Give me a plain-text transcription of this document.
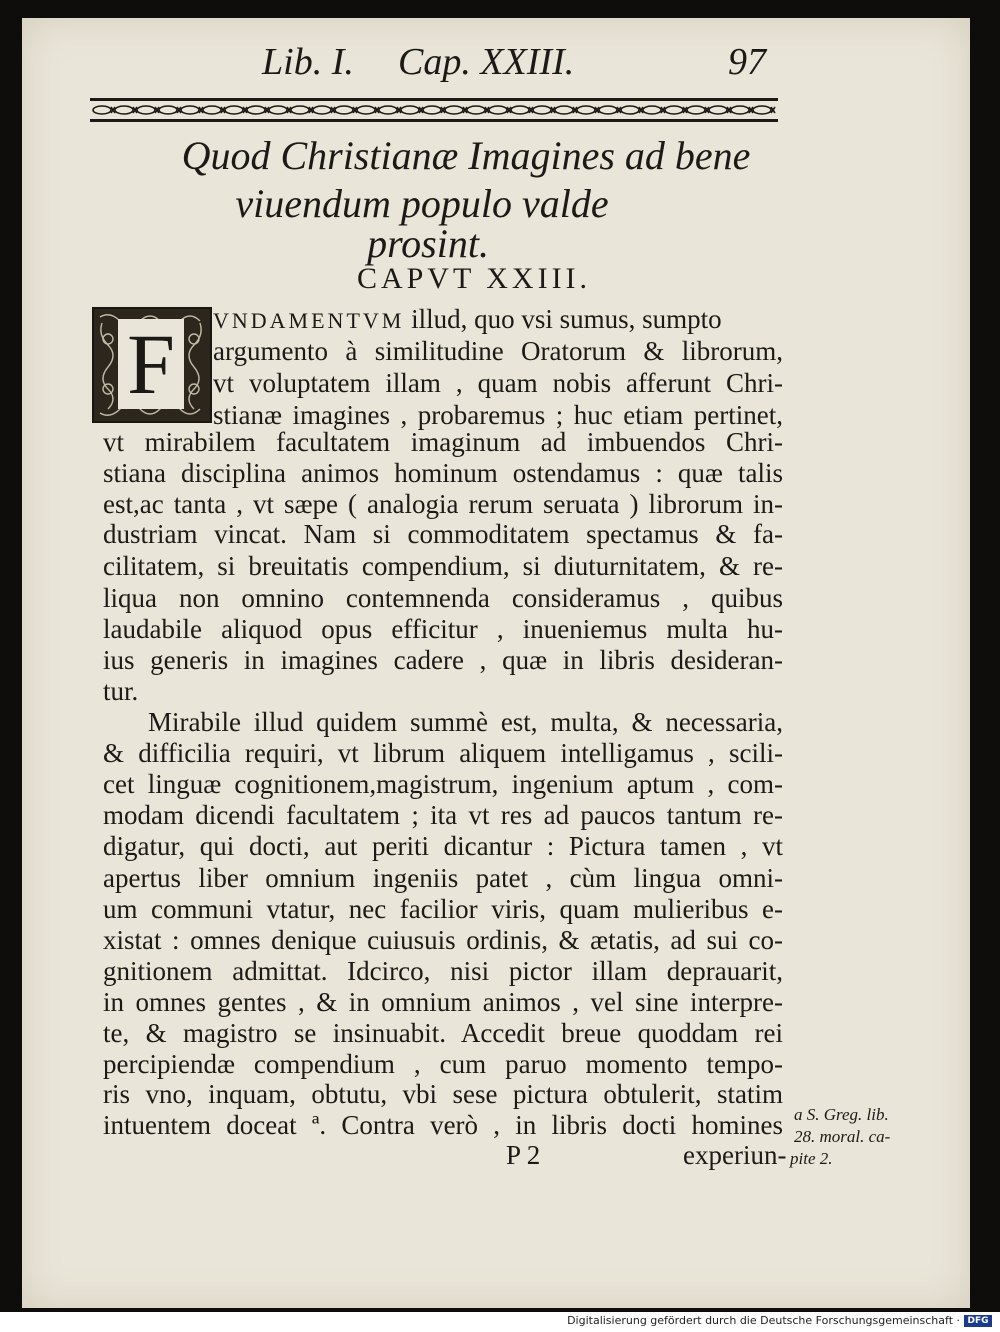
Lib. I. Cap. XXIII.	97
Quod Christianæ Imagines ad bene
viuendum populo valde
prosint.
CAPVT XXIII.
F	VNDAMENTVM illud, quo vsi sumus, sumpto
argumento à similitudine Oratorum & librorum,
vt voluptatem illam , quam nobis afferunt Chri-
stianæ imagines , probaremus ; huc etiam pertinet,
vt mirabilem facultatem imaginum ad imbuendos Chri-
stiana disciplina animos hominum ostendamus : quæ talis
est,ac tanta , vt sæpe ( analogia rerum seruata ) librorum in-
dustriam vincat. Nam si commoditatem spectamus & fa-
cilitatem, si breuitatis compendium, si diuturnitatem, & re-
liqua non omnino contemnenda consideramus , quibus
laudabile aliquod opus efficitur , inueniemus multa hu-
ius generis in imagines cadere , quæ in libris desideran-
tur.
Mirabile illud quidem summè est, multa, & necessaria,
& difficilia requiri, vt librum aliquem intelligamus , scili-
cet linguæ cognitionem,magistrum, ingenium aptum , com-
modam dicendi facultatem ; ita vt res ad paucos tantum re-
digatur, qui docti, aut periti dicantur : Pictura tamen , vt
apertus liber omnium ingeniis patet , cùm lingua omni-
um communi vtatur, nec facilior viris, quam mulieribus e-
xistat : omnes denique cuiusuis ordinis, & ætatis, ad sui co-
gnitionem admittat. Idcirco, nisi pictor illam deprauarit,
in omnes gentes , & in omnium animos , vel sine interpre-
te, & magistro se insinuabit. Accedit breue quoddam rei
percipiendæ compendium , cum paruo momento tempo-
ris vno, inquam, obtutu, vbi sese pictura obtulerit, statim
intuentem doceat ª. Contra verò , in libris docti homines a S. Greg. lib.
28. moral. ca-
pite 2.
P 2	experiun-
Digitalisierung gefördert durch die Deutsche Forschungsgemeinschaft · DFG
